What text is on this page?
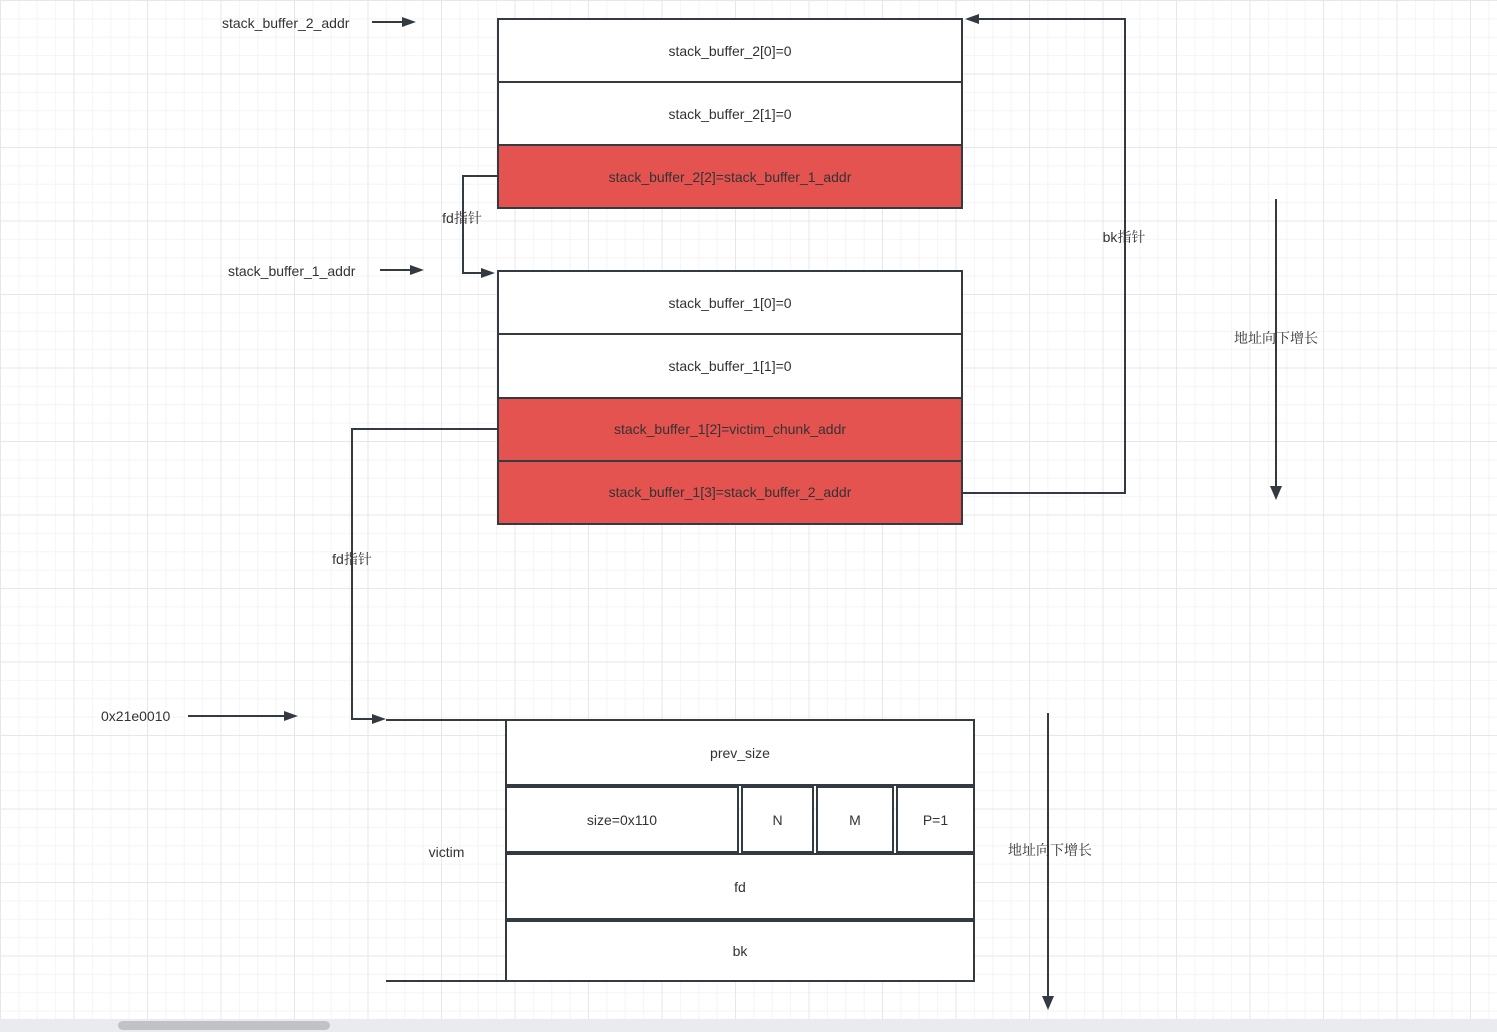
stack_buffer_2[0]=0
stack_buffer_2[1]=0
stack_buffer_2[2]=stack_buffer_1_addr
stack_buffer_1[0]=0
stack_buffer_1[1]=0
stack_buffer_1[2]=victim_chunk_addr
stack_buffer_1[3]=stack_buffer_2_addr
prev_size
size=0x110	N	M	P=1
fd
bk
victim
stack_buffer_2_addr
stack_buffer_1_addr
0x21e0010
fd指针
bk指针
fd指针
地址向下增长
地址向下增长
